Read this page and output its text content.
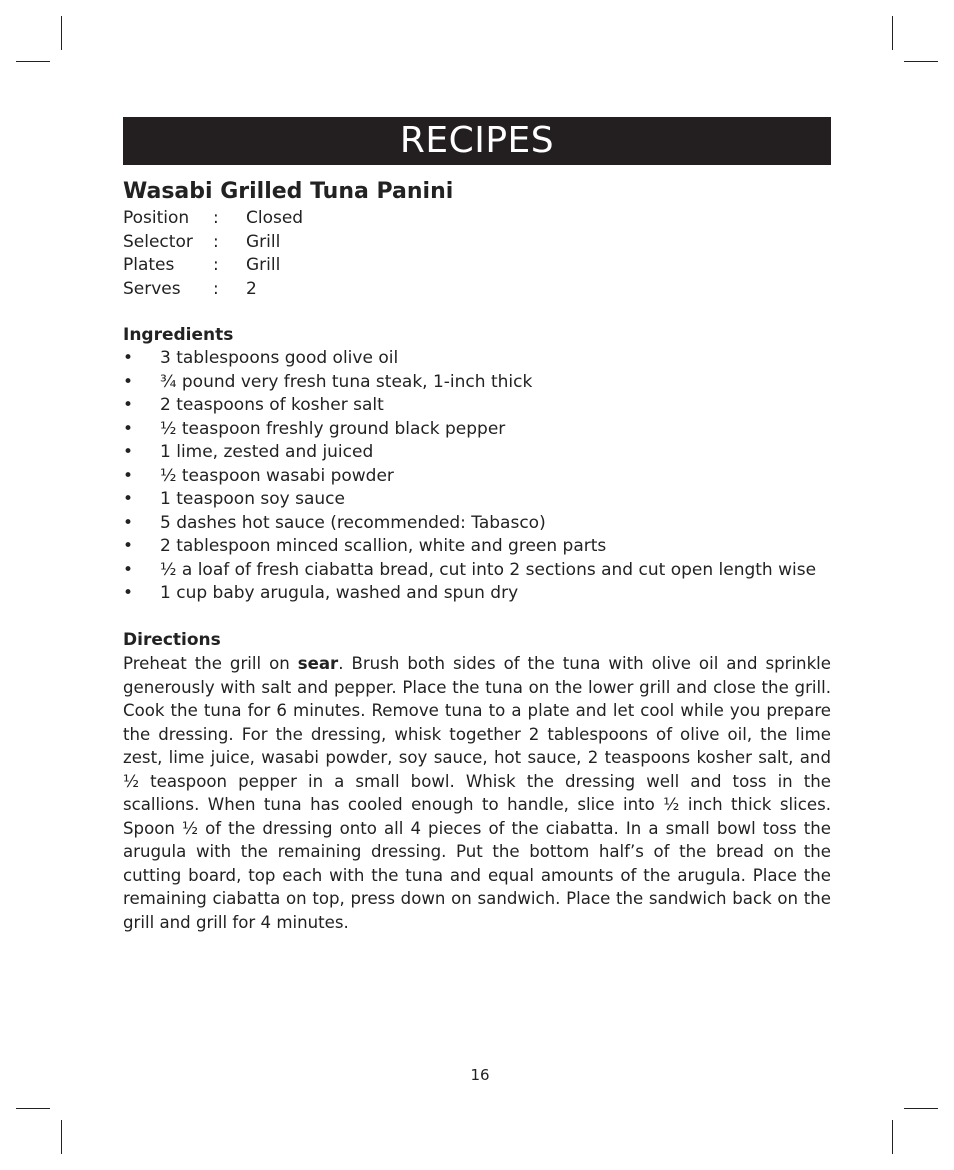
RECIPES
Wasabi Grilled Tuna Panini
Position : Closed
Selector : Grill
Plates : Grill
Serves : 2
Ingredients
• 3 tablespoons good olive oil
• ¾ pound very fresh tuna steak, 1-inch thick
• 2 teaspoons of kosher salt
• ½ teaspoon freshly ground black pepper
• 1 lime, zested and juiced
• ½ teaspoon wasabi powder
• 1 teaspoon soy sauce
• 5 dashes hot sauce (recommended: Tabasco)
• 2 tablespoon minced scallion, white and green parts
• ½ a loaf of fresh ciabatta bread, cut into 2 sections and cut open length wise
• 1 cup baby arugula, washed and spun dry
Directions

Preheat the grill on sear. Brush both sides of the tuna with olive oil and sprinkle generously with salt and pepper. Place the tuna on the lower grill and close the grill. Cook the tuna for 6 minutes. Remove tuna to a plate and let cool while you prepare the dressing. For the dressing, whisk together 2 tablespoons of olive oil, the lime zest, lime juice, wasabi powder, soy sauce, hot sauce, 2 teaspoons kosher salt, and ½ teaspoon pepper in a small bowl. Whisk the dressing well and toss in the scallions. When tuna has cooled enough to handle, slice into ½ inch thick slices. Spoon ½ of the dressing onto all 4 pieces of the ciabatta. In a small bowl toss the arugula with the remaining dressing. Put the bottom half’s of the bread on the cutting board, top each with the tuna and equal amounts of the arugula. Place the remaining ciabatta on top, press down on sandwich. Place the sandwich back on the grill and grill for 4 minutes.

16
